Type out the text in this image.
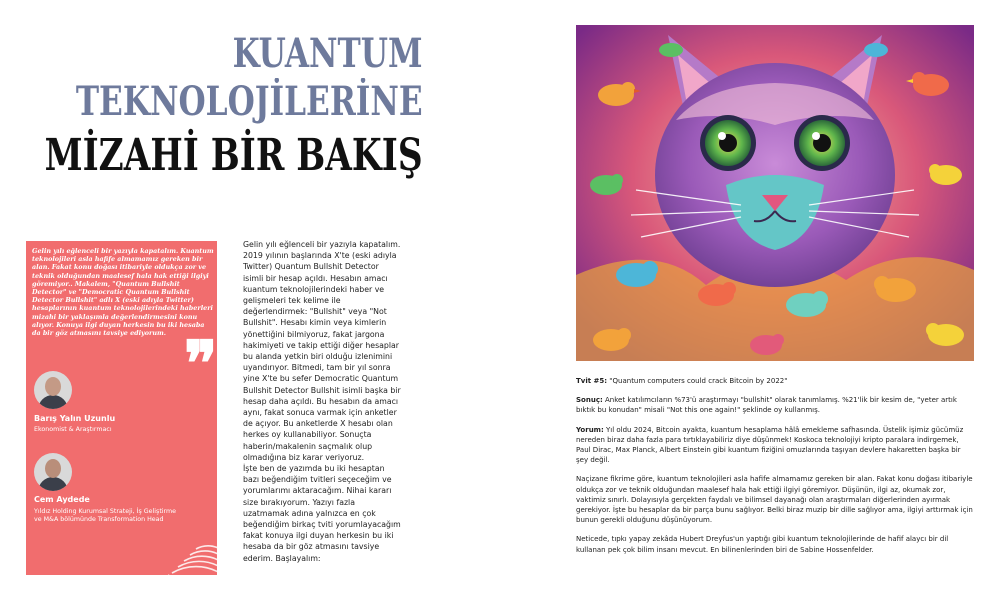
KUANTUM
TEKNOLOJİLERİNE
MİZAHİ BİR BAKIŞ
Gelin yılı eğlenceli bir yazıyla kapatalım. Kuantum teknolojileri asla hafife almamamız gereken bir alan. Fakat konu doğası itibariyle oldukça zor ve teknik olduğundan maalesef hala hak ettiği ilgiyi göremiyor.. Makalem, "Quantum Bullshit Detector" ve "Democratic Quantum Bullshit Detector Bullshit" adlı X (eski adıyla Twitter) hesaplarının kuantum teknolojilerindeki haberleri mizahi bir yaklaşımla değerlendirmesini konu alıyor. Konuya ilgi duyan herkesin bu iki hesaba da bir göz atmasını tavsiye ediyorum. ❞
Barış Yalın Uzunlu
Ekonomist & Araştırmacı
Cem Aydede
Yıldız Holding Kurumsal Strateji, İş Geliştirme ve M&A bölümünde Transformation Head

Gelin yılı eğlenceli bir yazıyla kapatalım. 2019 yılının başlarında X'te (eski adıyla Twitter) Quantum Bullshit Detector isimli bir hesap açıldı. Hesabın amacı kuantum teknolojilerindeki haber ve gelişmeleri tek kelime ile değerlendirmek: "Bullshit" veya "Not Bullshit". Hesabı kimin veya kimlerin yönettiğini bilmiyoruz, fakat jargona hakimiyeti ve takip ettiği diğer hesaplar bu alanda yetkin biri olduğu izlenimini uyandırıyor. Bitmedi, tam bir yıl sonra yine X'te bu sefer Democratic Quantum Bullshit Detector Bullshit isimli başka bir hesap daha açıldı. Bu hesabın da amacı aynı, fakat sonuca varmak için anketler de açıyor. Bu anketlerde X hesabı olan herkes oy kullanabiliyor. Sonuçta haberin/makalenin saçmalık olup olmadığına biz karar veriyoruz.

İşte ben de yazımda bu iki hesaptan bazı beğendiğim tvitleri seçeceğim ve yorumlarımı aktaracağım. Nihai kararı size bırakıyorum. Yazıyı fazla uzatmamak adına yalnızca en çok beğendiğim birkaç tviti yorumlayacağım fakat konuya ilgi duyan herkesin bu iki hesaba da bir göz atmasını tavsiye ederim. Başlayalım:

Tvit #5: "Quantum computers could crack Bitcoin by 2022"

Sonuç: Anket katılımcıların %73'ü araştırmayı "bullshit" olarak tanımlamış. %21'lik bir kesim de, "yeter artık bıktık bu konudan" misali "Not this one again!" şeklinde oy kullanmış.

Yorum: Yıl oldu 2024, Bitcoin ayakta, kuantum hesaplama hâlâ emekleme safhasında. Üstelik işimiz gücümüz nereden biraz daha fazla para tırtıklayabiliriz diye düşünmek! Koskoca teknolojiyi kripto paralara indirgemek, Paul Dirac, Max Planck, Albert Einstein gibi kuantum fiziğini omuzlarında taşıyan devlere hakaretten başka bir şey değil.

Naçizane fikrime göre, kuantum teknolojileri asla hafife almamamız gereken bir alan. Fakat konu doğası itibariyle oldukça zor ve teknik olduğundan maalesef hala hak ettiği ilgiyi göremiyor. Düşünün, ilgi az, okumak zor, vaktimiz sınırlı. Dolayısıyla gerçekten faydalı ve bilimsel dayanağı olan araştırmaları diğerlerinden ayırmak gerekiyor. İşte bu hesaplar da bir parça bunu sağlıyor. Belki biraz muzip bir dille sağlıyor ama, ilgiyi arttırmak için bunun gerekli olduğunu düşünüyorum.

Neticede, tıpkı yapay zekâda Hubert Dreyfus'un yaptığı gibi kuantum teknolojilerinde de hafif alaycı bir dil kullanan pek çok bilim insanı mevcut. En bilinenlerinden biri de Sabine Hossenfelder.
